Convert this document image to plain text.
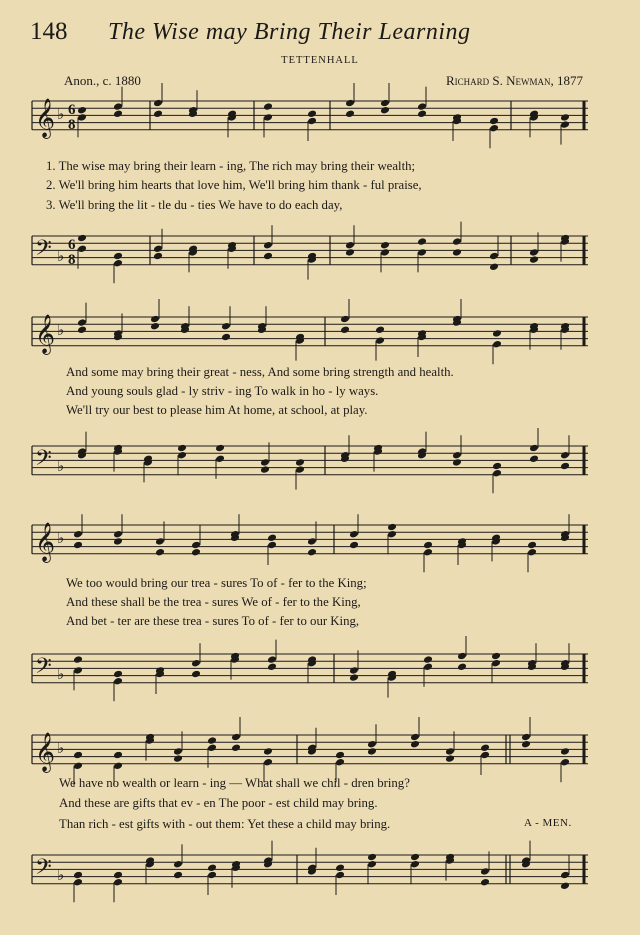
148 The Wise may Bring Their Learning
TETTENHALL
Anon., c. 1880	Richard S. Newman, 1877
𝄞 ♭ 6
8
𝄢 ♭
6
8
𝄞 ♭
𝄢 ♭
𝄞 ♭
𝄢 ♭
𝄞 ♭
𝄢 ♭
1. The wise may bring their learn - ing, The rich may bring their wealth;
2. We'll bring him hearts that love him, We'll bring him thank - ful praise,
3. We'll bring the lit - tle du - ties We have to do each day,
And some may bring their great - ness, And some bring strength and health.
And young souls glad - ly striv - ing To walk in ho - ly ways.
We'll try our best to please him At home, at school, at play.
We too would bring our trea - sures To of - fer to the King;
And these shall be the trea - sures We of - fer to the King,
And bet - ter are these trea - sures To of - fer to our King,
We have no wealth or learn - ing — What shall we chil - dren bring?
And these are gifts that ev - en The poor - est child may bring.
Than rich - est gifts with - out them: Yet these a child may bring.	A - MEN.
